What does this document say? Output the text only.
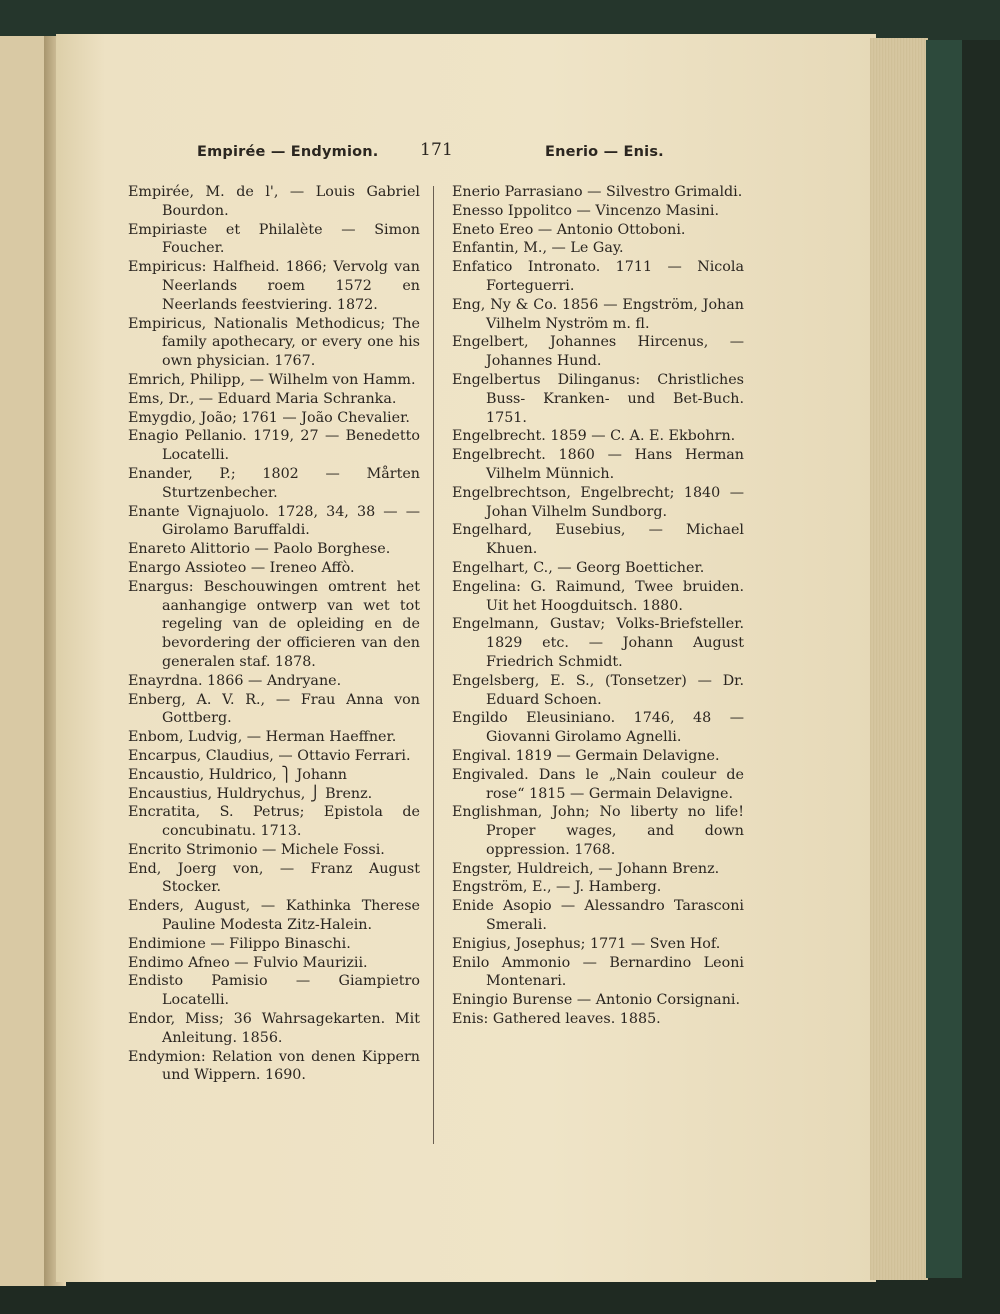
Empirée — Endymion. 171	Enerio — Enis.

Empirée, M. de l', — Louis Gabriel Bourdon.

Empiriaste et Philalète — Simon Foucher.

Empiricus: Halfheid. 1866; Vervolg van Neerlands roem 1572 en Neerlands feestviering. 1872.

Empiricus, Nationalis Methodicus; The family apothecary, or every one his own physician. 1767.

Emrich, Philipp, — Wilhelm von Hamm.

Ems, Dr., — Eduard Maria Schranka.

Emygdio, João; 1761 — João Chevalier.

Enagio Pellanio. 1719, 27 — Benedetto Locatelli.

Enander, P.; 1802 — Mårten Sturtzenbecher.

Enante Vignajuolo. 1728, 34, 38 — — Girolamo Baruffaldi.

Enareto Alittorio — Paolo Borghese.

Enargo Assioteo — Ireneo Affò.

Enargus: Beschouwingen omtrent het aanhangige ontwerp van wet tot regeling van de opleiding en de bevordering der officieren van den generalen staf. 1878.

Enayrdna. 1866 — Andryane.

Enberg, A. V. R., — Frau Anna von Gottberg.

Enbom, Ludvig, — Herman Haeffner.

Encarpus, Claudius, — Ottavio Ferrari.

Encaustio, Huldrico, ⎫ Johann

Encaustius, Huldrychus, ⎭ Brenz.

Encratita, S. Petrus; Epistola de concubinatu. 1713.

Encrito Strimonio — Michele Fossi.

End, Joerg von, — Franz August Stocker.

Enders, August, — Kathinka Therese Pauline Modesta Zitz-Halein.

Endimione — Filippo Binaschi.

Endimo Afneo — Fulvio Maurizii.

Endisto Pamisio — Giampietro Locatelli.

Endor, Miss; 36 Wahrsagekarten. Mit Anleitung. 1856.

Endymion: Relation von denen Kippern und Wippern. 1690.

Enerio Parrasiano — Silvestro Grimaldi.

Enesso Ippolitco — Vincenzo Masini.

Eneto Ereo — Antonio Ottoboni.

Enfantin, M., — Le Gay.

Enfatico Intronato. 1711 — Nicola Forteguerri.

Eng, Ny & Co. 1856 — Engström, Johan Vilhelm Nyström m. fl.

Engelbert, Johannes Hircenus, — Johannes Hund.

Engelbertus Dilinganus: Christliches Buss- Kranken- und Bet-Buch. 1751.

Engelbrecht. 1859 — C. A. E. Ekbohrn.

Engelbrecht. 1860 — Hans Herman Vilhelm Münnich.

Engelbrechtson, Engelbrecht; 1840 — Johan Vilhelm Sundborg.

Engelhard, Eusebius, — Michael Khuen.

Engelhart, C., — Georg Boetticher.

Engelina: G. Raimund, Twee bruiden. Uit het Hoogduitsch. 1880.

Engelmann, Gustav; Volks-Briefsteller. 1829 etc. — Johann August Friedrich Schmidt.

Engelsberg, E. S., (Tonsetzer) — Dr. Eduard Schoen.

Engildo Eleusiniano. 1746, 48 — Giovanni Girolamo Agnelli.

Engival. 1819 — Germain Delavigne.

Engivaled. Dans le „Nain couleur de rose“ 1815 — Germain Delavigne.

Englishman, John; No liberty no life! Proper wages, and down oppression. 1768.

Engster, Huldreich, — Johann Brenz.

Engström, E., — J. Hamberg.

Enide Asopio — Alessandro Tarasconi Smerali.

Enigius, Josephus; 1771 — Sven Hof.

Enilo Ammonio — Bernardino Leoni Montenari.

Eningio Burense — Antonio Corsignani.

Enis: Gathered leaves. 1885.
